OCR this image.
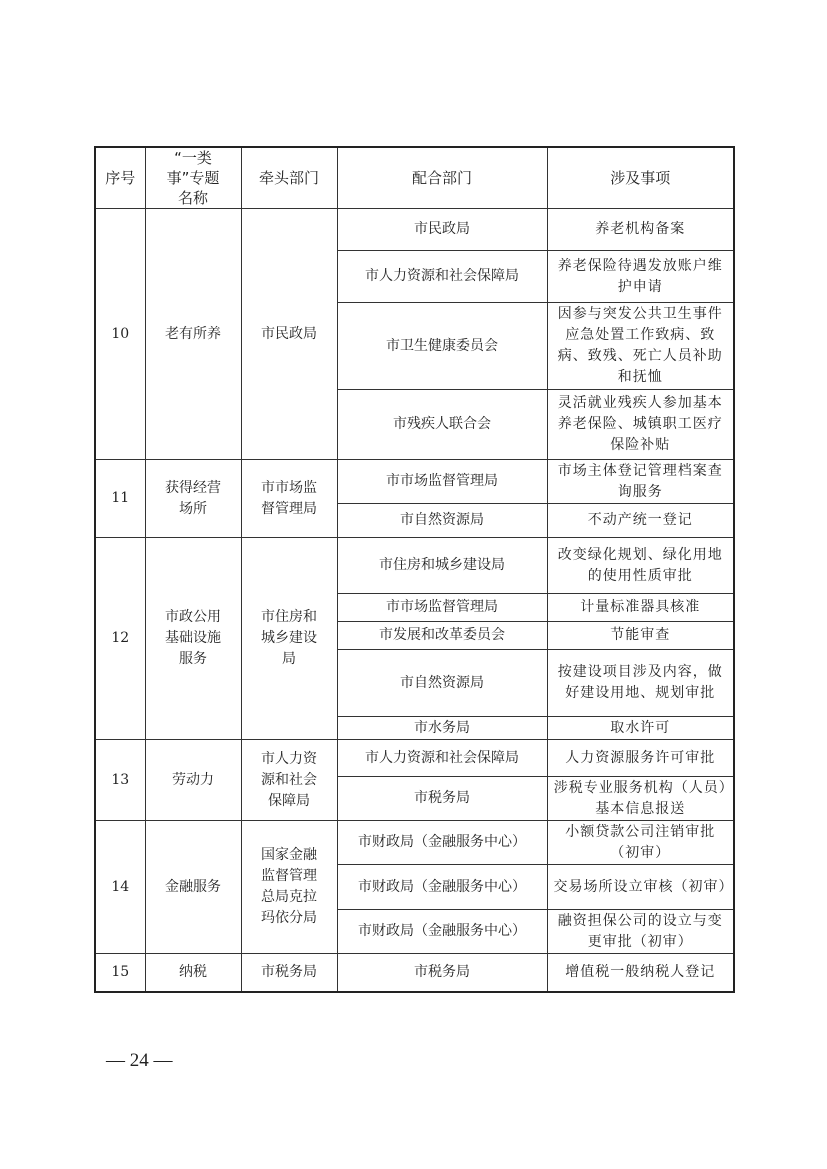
序号	“一类事”专题名称	牵头部门	配合部门	涉及事项
10	老有所养	市民政局	市民政局	养老机构备案
			市人力资源和社会保障局	养老保险待遇发放账户维护申请
			市卫生健康委员会	因参与突发公共卫生事件应急处置工作致病、致病、致残、死亡人员补助和抚恤
			市残疾人联合会	灵活就业残疾人参加基本养老保险、城镇职工医疗保险补贴
11	获得经营场所	市市场监督管理局	市市场监督管理局	市场主体登记管理档案查询服务
			市自然资源局	不动产统一登记
12	市政公用基础设施服务	市住房和城乡建设局	市住房和城乡建设局	改变绿化规划、绿化用地的使用性质审批
			市市场监督管理局	计量标准器具核准
			市发展和改革委员会	节能审查
			市自然资源局	按建设项目涉及内容，做好建设用地、规划审批
			市水务局	取水许可
13	劳动力	市人力资源和社会保障局	市人力资源和社会保障局	人力资源服务许可审批
			市税务局	涉税专业服务机构（人员）基本信息报送
14	金融服务	国家金融监督管理总局克拉玛依分局	市财政局（金融服务中心）	小额贷款公司注销审批（初审）
			市财政局（金融服务中心）	交易场所设立审核（初审）
			市财政局（金融服务中心）	融资担保公司的设立与变更审批（初审）
15	纳税	市税务局	市税务局	增值税一般纳税人登记
— 24 —
